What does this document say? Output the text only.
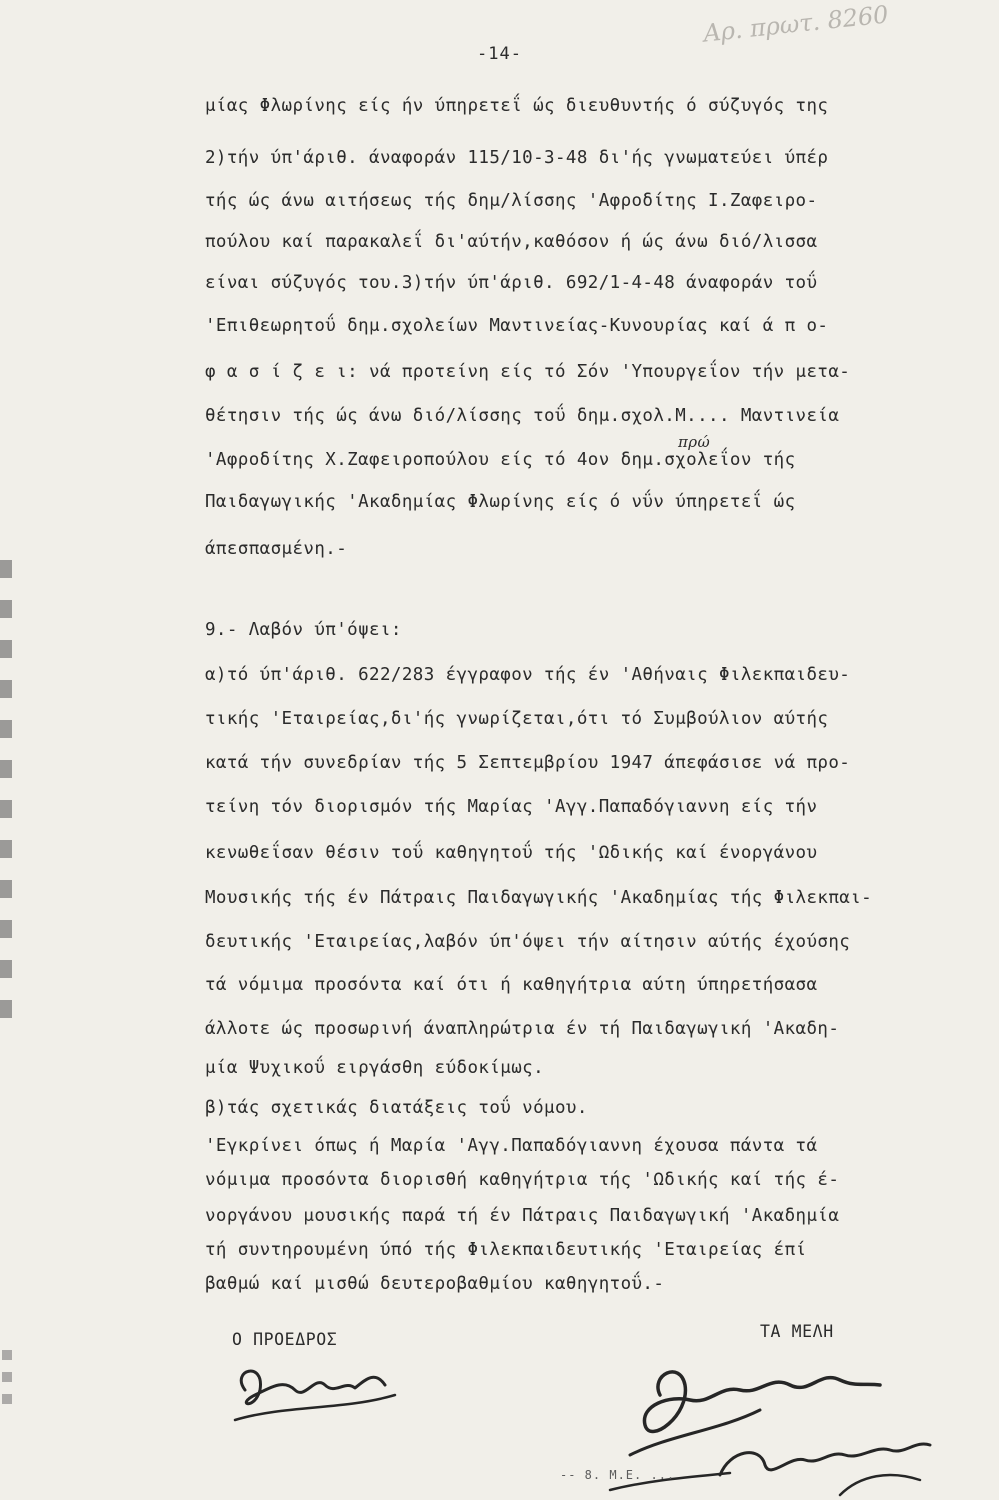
Αρ. πρωτ. 8260
-14-
μίας Φλωρίνης είς ήν ύπηρετεΐ ώς διευθυντής ό σύζυγός της
2)τήν ύπ'άριθ. άναφοράν 115/10-3-48 δι'ής γνωματεύει ύπέρ
τής ώς άνω αιτήσεως τής δημ/λίσσης 'Αφροδίτης Ι.Ζαφειρο-
πούλου καί παρακαλεΐ δι'αύτήν,καθόσον ή ώς άνω διό/λισσα
είναι σύζυγός του.3)τήν ύπ'άριθ. 692/1-4-48 άναφοράν τοΰ
'Επιθεωρητοΰ δημ.σχολείων Μαντινείας-Κυνουρίας καί ά π ο-
φ α σ ί ζ ε ι: νά προτείνη είς τό Σόν 'Υπουργεΐον τήν μετα-
θέτησιν τής ώς άνω διό/λίσσης τοΰ δημ.σχολ.Μ.... Μαντινεία
πρώ
'Αφροδίτης Χ.Ζαφειροπούλου είς τό 4ον δημ.σχολεΐον τής
Παιδαγωγικής 'Ακαδημίας Φλωρίνης είς ό νΰν ύπηρετεΐ ώς
άπεσπασμένη.-
9.- Λαβόν ύπ'όψει:
α)τό ύπ'άριθ. 622/283 έγγραφον τής έν 'Αθήναις Φιλεκπαιδευ-
τικής 'Εταιρείας,δι'ής γνωρίζεται,ότι τό Συμβούλιον αύτής
κατά τήν συνεδρίαν τής 5 Σεπτεμβρίου 1947 άπεφάσισε νά προ-
τείνη τόν διορισμόν τής Μαρίας 'Αγγ.Παπαδόγιαννη είς τήν
κενωθεΐσαν θέσιν τοΰ καθηγητοΰ τής 'Ωδικής καί ένοργάνου
Μουσικής τής έν Πάτραις Παιδαγωγικής 'Ακαδημίας τής Φιλεκπαι-
δευτικής 'Εταιρείας,λαβόν ύπ'όψει τήν αίτησιν αύτής έχούσης
τά νόμιμα προσόντα καί ότι ή καθηγήτρια αύτη ύπηρετήσασα
άλλοτε ώς προσωρινή άναπληρώτρια έν τή Παιδαγωγική 'Ακαδη-
μία Ψυχικοΰ ειργάσθη εύδοκίμως.
β)τάς σχετικάς διατάξεις τοΰ νόμου.
'Εγκρίνει όπως ή Μαρία 'Αγγ.Παπαδόγιαννη έχουσα πάντα τά
νόμιμα προσόντα διορισθή καθηγήτρια τής 'Ωδικής καί τής έ-
νοργάνου μουσικής παρά τή έν Πάτραις Παιδαγωγική 'Ακαδημία
τή συντηρουμένη ύπό τής Φιλεκπαιδευτικής 'Εταιρείας έπί
βαθμώ καί μισθώ δευτεροβαθμίου καθηγητοΰ.-
Ο ΠΡΟΕΔΡΟΣ	ΤΑ ΜΕΛΗ
-- 8. М.Е. ...
